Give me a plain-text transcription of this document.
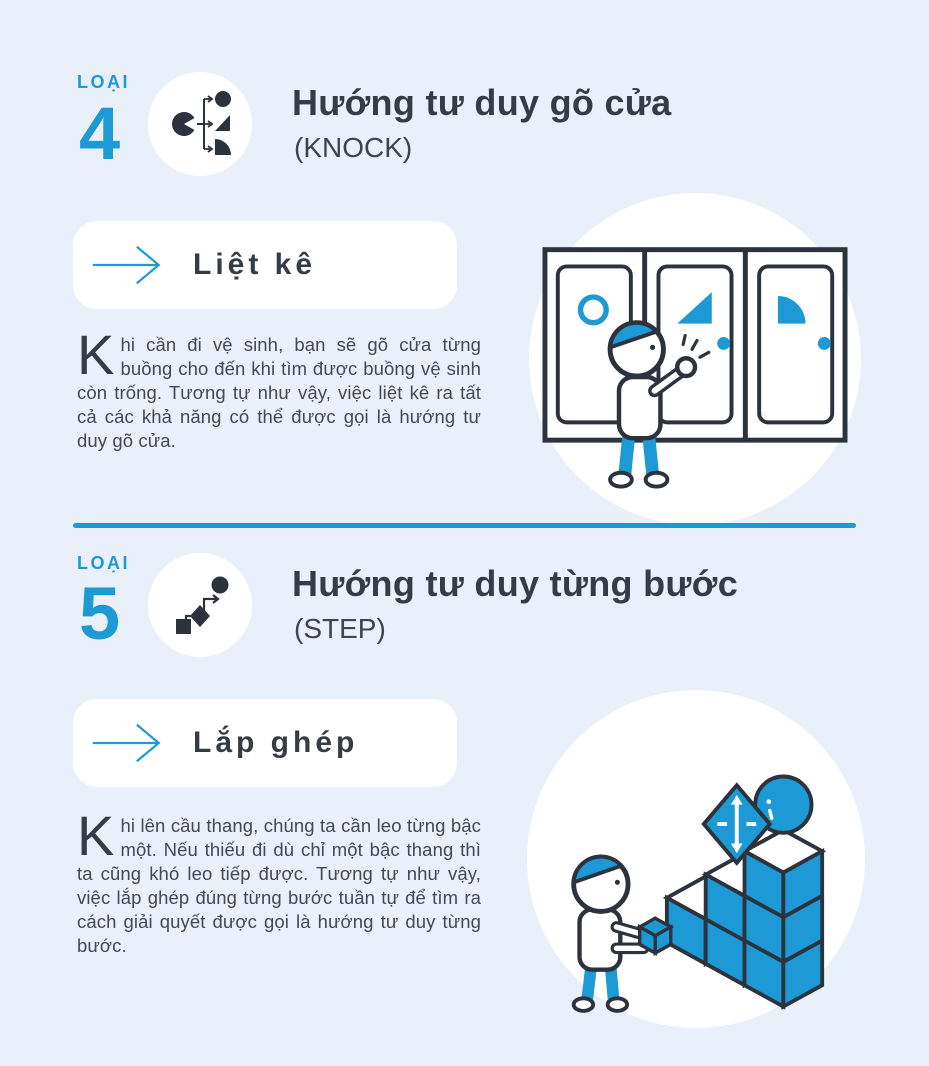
LOẠI
4	Hướng tư duy gõ cửa
(KNOCK)
Liệt kê

Khi cần đi vệ sinh, bạn sẽ gõ cửa từng buồng cho đến khi tìm được buồng vệ sinh còn trống. Tương tự như vậy, việc liệt kê ra tất cả các khả năng có thể được gọi là hướng tư duy gõ cửa.

LOẠI
5	Hướng tư duy từng bước
(STEP)
Lắp ghép

Khi lên cầu thang, chúng ta cần leo từng bậc một. Nếu thiếu đi dù chỉ một bậc thang thì ta cũng khó leo tiếp được. Tương tự như vậy, việc lắp ghép đúng từng bước tuần tự để tìm ra cách giải quyết được gọi là hướng tư duy từng bước.
